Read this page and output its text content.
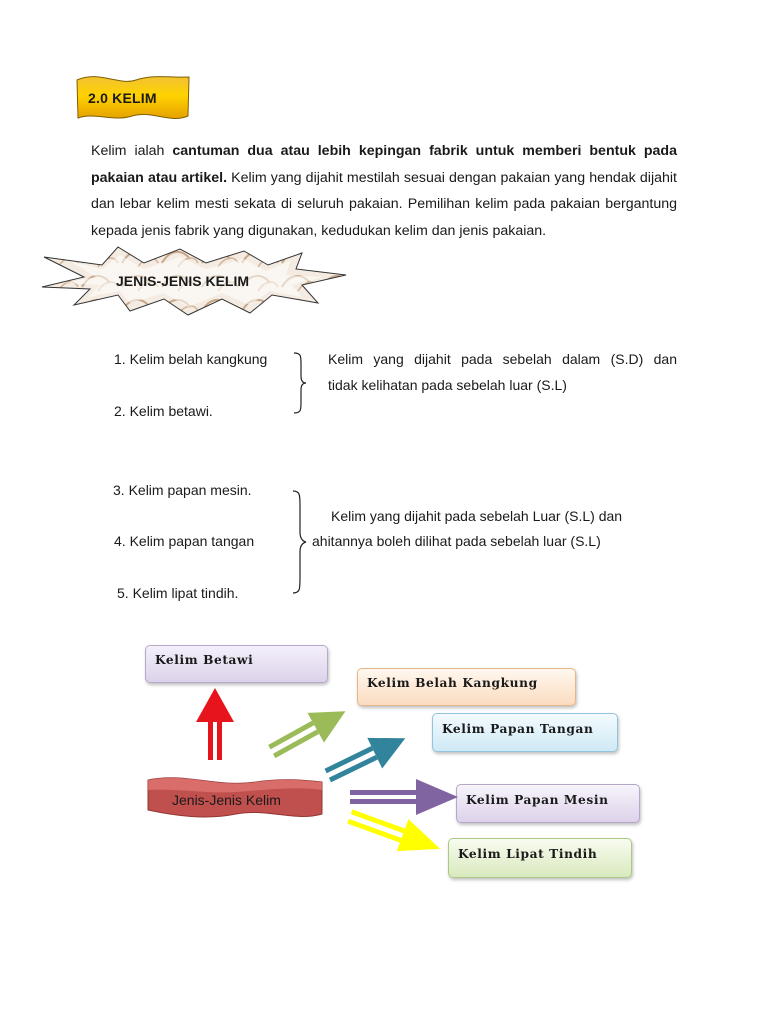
2.0 KELIM
Kelim ialah cantuman dua atau lebih kepingan fabrik untuk memberi bentuk pada pakaian atau artikel. Kelim yang dijahit mestilah sesuai dengan pakaian yang hendak dijahit dan lebar kelim mesti sekata di seluruh pakaian. Pemilihan kelim pada pakaian bergantung kepada jenis fabrik yang digunakan, kedudukan kelim dan jenis pakaian.
JENIS-JENIS KELIM
1. Kelim belah kangkung
2. Kelim betawi.
Kelim yang dijahit pada sebelah dalam (S.D) dan
tidak kelihatan pada sebelah luar (S.L)
3. Kelim papan mesin.
4. Kelim papan tangan
5. Kelim lipat tindih.
Kelim yang dijahit pada sebelah Luar (S.L) dan
ahitannya boleh dilihat pada sebelah luar (S.L)
Kelim Betawi
Kelim Belah Kangkung
Kelim Papan Tangan
Kelim Papan Mesin
Kelim Lipat Tindih
Jenis-Jenis Kelim
